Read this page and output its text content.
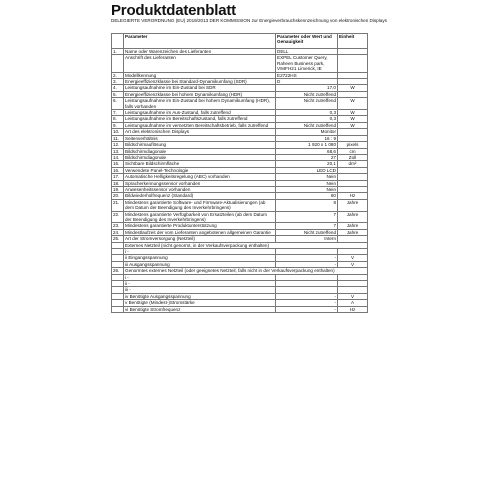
Produktdatenblatt
DELEGIERTE VERORDNUNG (EU) 2019/2013 DER KOMMISSION zur Energieverbrauchskennzeichnung von elektronischen Displays
	Parameter	Parameter oder Wert und Genauigkeit	Einheit
1.	Name oder Warenzeichen des Lieferanten	DELL	
	Anschrift des Lieferanten	EXPEL Customer Query, Raheen Business park, V94FH21 Limerick, IE	
2.	Modellkennung	E2722HS	
3.	Energieeffizienzklasse bei Standard-Dynamikumfang (SDR)	D	
4.	Leistungsaufnahme im Ein-Zustand bei SDR	17,0	W
5.	Energieeffizienzklasse bei hohem Dynamikumfang (HDR)	Nicht zutreffend	
6.	Leistungsaufnahme im Ein-Zustand bei hohem Dynamikumfang (HDR), falls vorhanden	Nicht zutreffend	W
7.	Leistungsaufnahme im Aus-Zustand, falls zutreffend	0,3	W
8.	Leistungsaufnahme im Bereitschaftszustand, falls zutreffend	0,3	W
9.	Leistungsaufnahme im vernetzten Bereitschaftsbetrieb, falls zutreffend	Nicht zutreffend	W
10.	Art des elektronischen Displays	Monitor	
11.	Seitenverhältnis	16 : 9	
12.	Bildschirmauflösung	1 920 x 1 080	pixels
13.	Bildschirmdiagonale	68,6	cm
14.	Bildschirmdiagonale	27	Zoll
15.	Sichtbare Bildschirmfläche	20,1	dm²
16.	Verwendete Panel-Technologie	LED LCD	
17.	Automatische Helligkeitsregelung (ABC) vorhanden	Nein	
18.	Spracherkennungssensor vorhanden	Nein	
19.	Anwesenheitssensor vorhanden	Nein	
20.	Bildwiederholfrequenz (Standard)	60	Hz
21.	Mindestens garantierte Software- und Firmware-Aktualisierungen (ab dem Datum der Beendigung des Inverkehrbringens)	8	Jahre
22.	Mindestens garantierte Verfügbarkeit von Ersatzteilen (ab dem Datum der Beendigung des Inverkehrbringens)	7	Jahre
23.	Mindestens garantierte Produktunterstützung	7	Jahre
24.	Mindestlaufzeit der vom Lieferanten angebotenen allgemeinen Garantie	Nicht zutreffend	Jahre
25.	Art der Stromversorgung (Netzteil)	Intern	
	Externes Netzteil (nicht genormt, in der Verkaufsverpackung enthalten)		
	i -		
	ii Eingangsspannung	-	V
	iii Ausgangsspannung	-	V
26.	Genormtes externes Netzteil (oder geeignetes Netzteil, falls nicht in der Verkaufsverpackung enthalten)		
	i -		
	ii -		
	iii -		
	iv Benötigte Ausgangsspannung	-	V
	v Benötigte (Mindest-)Stromstärke	-	A
	vi Benötigte Stromfrequenz	-	Hz
